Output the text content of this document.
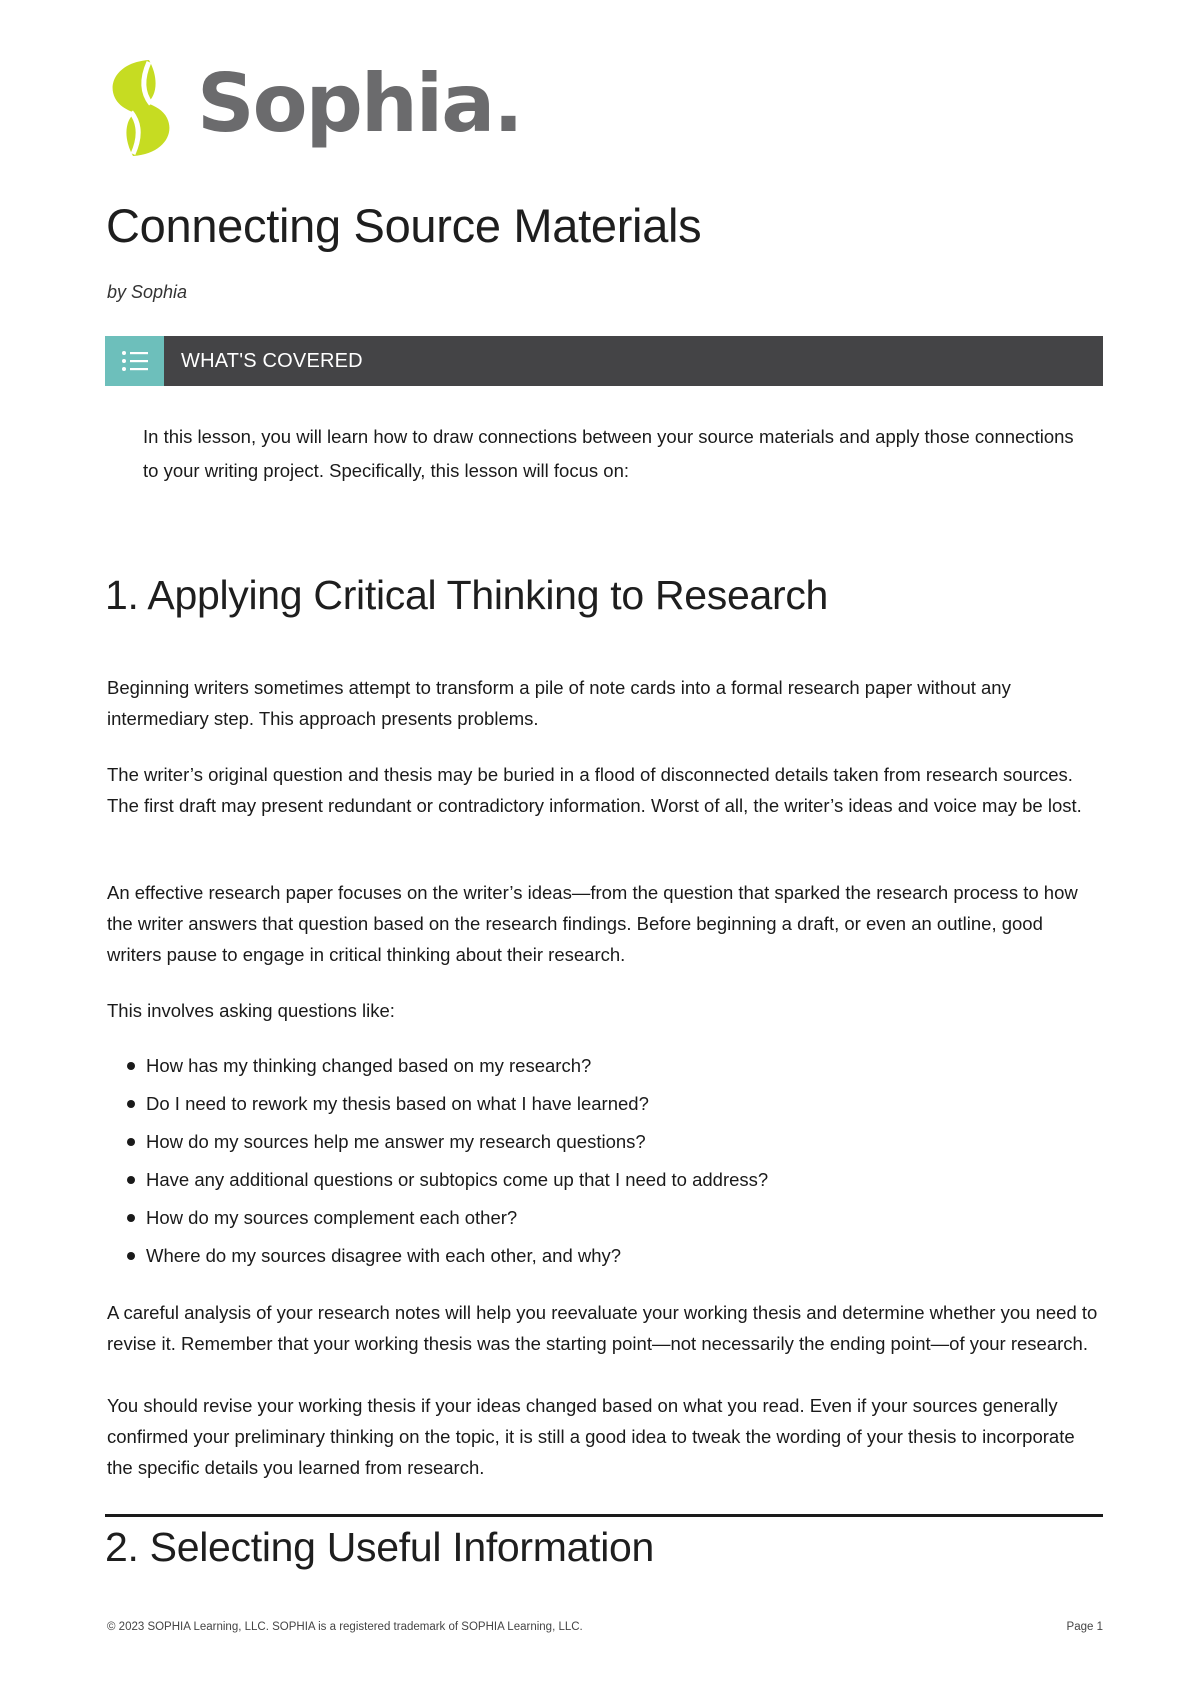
Sophia.
Connecting Source Materials
by Sophia
WHAT'S COVERED

In this lesson, you will learn how to draw connections between your source materials and apply those connections to your writing project. Specifically, this lesson will focus on:

1. Applying Critical Thinking to Research

Beginning writers sometimes attempt to transform a pile of note cards into a formal research paper without any intermediary step. This approach presents problems.

The writer’s original question and thesis may be buried in a flood of disconnected details taken from research sources. The first draft may present redundant or contradictory information. Worst of all, the writer’s ideas and voice may be lost.

An effective research paper focuses on the writer’s ideas—from the question that sparked the research process to how the writer answers that question based on the research findings. Before beginning a draft, or even an outline, good writers pause to engage in critical thinking about their research.

This involves asking questions like:

How has my thinking changed based on my research?
Do I need to rework my thesis based on what I have learned?
How do my sources help me answer my research questions?
Have any additional questions or subtopics come up that I need to address?
How do my sources complement each other?
Where do my sources disagree with each other, and why?

A careful analysis of your research notes will help you reevaluate your working thesis and determine whether you need to revise it. Remember that your working thesis was the starting point—not necessarily the ending point—of your research.

You should revise your working thesis if your ideas changed based on what you read. Even if your sources generally confirmed your preliminary thinking on the topic, it is still a good idea to tweak the wording of your thesis to incorporate the specific details you learned from research.

2. Selecting Useful Information
© 2023 SOPHIA Learning, LLC. SOPHIA is a registered trademark of SOPHIA Learning, LLC.	Page 1
